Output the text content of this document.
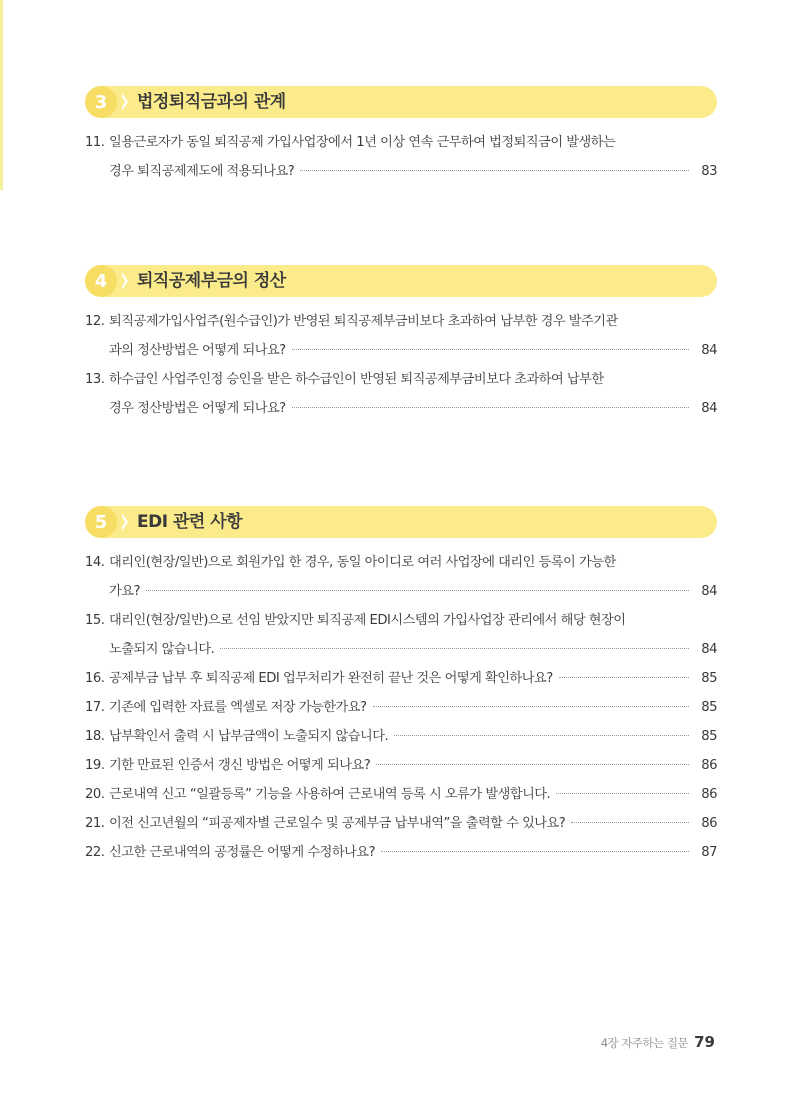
3	법정퇴직금과의 관계
11. 일용근로자가 동일 퇴직공제 가입사업장에서 1년 이상 연속 근무하여 법정퇴직금이 발생하는
경우 퇴직공제제도에 적용되나요?	83
4	퇴직공제부금의 정산
12. 퇴직공제가입사업주(원수급인)가 반영된 퇴직공제부금비보다 초과하여 납부한 경우 발주기관
과의 정산방법은 어떻게 되나요?	84
13. 하수급인 사업주인정 승인을 받은 하수급인이 반영된 퇴직공제부금비보다 초과하여 납부한
경우 정산방법은 어떻게 되나요?	84
5	EDI 관련 사항
14. 대리인(현장/일반)으로 회원가입 한 경우, 동일 아이디로 여러 사업장에 대리인 등록이 가능한
가요?	84
15. 대리인(현장/일반)으로 선임 받았지만 퇴직공제 EDI시스템의 가입사업장 관리에서 해당 현장이
노출되지 않습니다.	84
16. 공제부금 납부 후 퇴직공제 EDI 업무처리가 완전히 끝난 것은 어떻게 확인하나요?	85
17. 기존에 입력한 자료를 엑셀로 저장 가능한가요?	85
18. 납부확인서 출력 시 납부금액이 노출되지 않습니다.	85
19. 기한 만료된 인증서 갱신 방법은 어떻게 되나요?	86
20. 근로내역 신고 “일괄등록” 기능을 사용하여 근로내역 등록 시 오류가 발생합니다.	86
21. 이전 신고년월의 “피공제자별 근로일수 및 공제부금 납부내역”을 출력할 수 있나요?	86
22. 신고한 근로내역의 공정률은 어떻게 수정하나요?	87
4장 자주하는 질문 79
